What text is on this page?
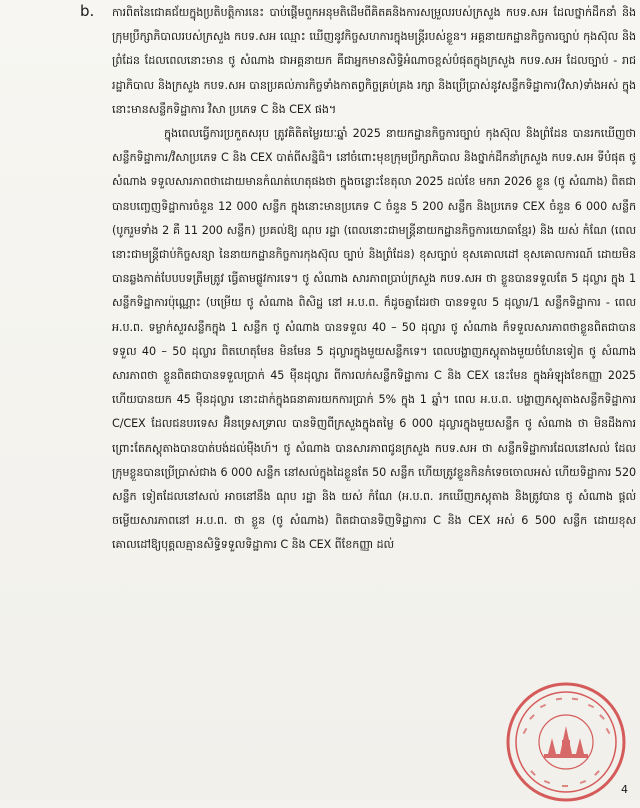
b. ការពិតនៃជោគជ័យក្នុងប្រតិបត្តិការនេះ បាប់ផ្តើមពួកអនុមតិដើមពីគិតគនិងការសម្រួលរបស់ក្រសួង កបទ.សអ ដែលថ្នាក់ដឹកនាំ និងក្រុមប្រឹក្សាភិបាលរបស់ក្រសួង កបទ.សអ ឈ្មោះ ឃើញនូវកិច្ចសហការក្នុងមន្ត្រីរបស់ខ្លួន។ អគ្គនាយកដ្ឋានកិច្ចការច្បាប់ កុងស៊ុល និងព្រំដែន ដែលពេលនោះមាន ថូ សំណាង ជាអគ្គនាយក គឺជាអ្នកមានសិទ្ធិអំណាចខ្ពស់បំផុតក្នុងក្រសួង កបទ.សអ ដែលច្បាប់ - រាជរដ្ឋាភិបាល និងក្រសួង កបទ.សអ បានប្រគល់ភារកិច្ចទាំងកាតព្វកិច្ចគ្រប់គ្រង រក្សា និងប្រើប្រាស់នូវសន្លឹកទិដ្ឋាការ(វិសា)ទាំងអស់ ក្នុងនោះមានសន្លឹកទិដ្ឋាការ វិសា ប្រភេទ C និង CEX ផង។

ក្នុងពេលធ្វើការប្រកួតសរុប ត្រូវគិតិតម្លៃរយៈឆ្នាំ 2025 នាយកដ្ឋានកិច្ចការច្បាប់ កុងស៊ុល និងព្រំដែន បានរកឃើញថា សន្លឹកទិដ្ឋាការ/វិសាប្រភេទ C និង CEX បាត់ពីសន្និធិ។ នៅចំពោះមុខក្រុមប្រឹក្សាភិបាល និងថ្នាក់ដឹកនាំក្រសួង កបទ.សអ ទីបំផុត ថូ សំណាង ទទួលសារភាពថាដោយមានកំណត់ហេតុផងថា ក្នុងចន្លោះខែតុលា 2025 ដល់ខែ មករា 2026 ខ្លួន (ថូ សំណាង) ពិតជាបានបញ្ចេញទិដ្ឋាការចំនួន 12 000 សន្លឹក ក្នុងនោះមានប្រភេទ C ចំនួន 5 200 សន្លឹក និងប្រភេទ CEX ចំនួន 6 000 សន្លឹក (បូករួមទាំង 2 គឺ 11 200 សន្លឹក) ប្រគល់ឱ្យ ណុប រដ្ឋា (ពេលនោះជាមន្ត្រីនាយកដ្ឋានកិច្ចការយោធាខ្មែរ) និង យស់ កំណែ (ពេលនោះជាមន្ត្រីជាប់កិច្ចសន្យា នៃនាយកដ្ឋានកិច្ចការកុងស៊ុល ច្បាប់ និងព្រំដែន) ខុសច្បាប់ ខុសគោលដៅ ខុសគោលការណ៍ ដោយមិនបានឆ្លងកាត់បែបបទត្រឹមត្រូវ ធ្វើតាមផ្លូវការទេ។ ថូ សំណាង សារភាពប្រាប់ក្រសួង កបទ.សអ ថា ខ្លួនបានទទួលតែ 5 ដុល្លារ ក្នុង 1 សន្លឹកទិដ្ឋាការប៉ុណ្ណោះ (បម្រើយ ថូ សំណាង ពិសិដ្ឋ នៅ អ.ប.ព. ក៏ដូចគ្នាដែរថា បានទទួល 5 ដុល្លារ/1 សន្លឹកទិដ្ឋាការ - ពេល អ.ប.ព. ទម្លាក់សួរសន្លឹកក្នុង 1 សន្លឹក ថូ សំណាង បានទទួល 40 – 50 ដុល្លារ ថូ សំណាង ក៏ទទួលសារភាពថាខ្លួនពិតជាបានទទួល 40 – 50 ដុល្លារ ពិតហេតុមែន មិនមែន 5 ដុល្លារក្នុងមួយសន្លឹកទេ។ ពេលបង្ហាញភស្តុតាងមួយចំហែនទៀត ថូ សំណាង សារភាពថា ខ្លួនពិតជាបានទទួលប្រាក់ 45 ម៉ឺនដុល្លារ ពីការលក់សន្លឹកទិដ្ឋាការ C និង CEX នេះមែន ក្នុងអំឡុងខែកញ្ញា 2025 ហើយបានយក 45 ម៉ឺនដុល្លារ នោះដាក់ក្នុងធនាគារយកការប្រាក់ 5% ក្នុង 1 ឆ្នាំ។ ពេល អ.ប.ព. បង្ហាញភស្តុតាងសន្លឹកទិដ្ឋាការ C/CEX ដែលជនបរទេស អ៊ិនទ្រេសទ្រាល បានទិញពីក្រសួងក្នុងតម្លៃ 6 000 ដុល្លារក្នុងមួយសន្លឹក ថូ សំណាង ថា មិនដឹងការ ព្រោះតែភស្តុតាងបានបាត់បង់ដល់ម៉ឺងហ៍។ ថូ សំណាង បានសារភាពជូនក្រសួង កបទ.សអ ថា សន្លឹកទិដ្ឋាការដែលនៅសល់ ដែលក្រុមខ្លួនបានប្រើប្រាស់ជាង 6 000 សន្លឹក នៅសល់ក្នុងដៃខ្លួនតែ 50 សន្លឹក ហើយត្រូវខ្លួនកិនកំទេចចោលអស់ ហើយទិដ្ឋាការ 520 សន្លឹក ទៀតដែលនៅសល់ អាចនៅនឹង ណុប រដ្ឋា និង យស់ កំណែ (អ.ប.ព. រកឃើញភស្តុតាង និងត្រូវបាន ថូ សំណាង ផ្តល់ចម្លើយសារភាពនៅ អ.ប.ព. ថា ខ្លួន (ថូ សំណាង) ពិតជាបានទិញទិដ្ឋាការ C និង CEX អស់ 6 500 សន្លឹក ដោយខុសគោលដៅឱ្យបុគ្គលគ្មានសិទ្ធិទទួលទិដ្ឋាការ C និង CEX ពីខែកញ្ញា ដល់

4
